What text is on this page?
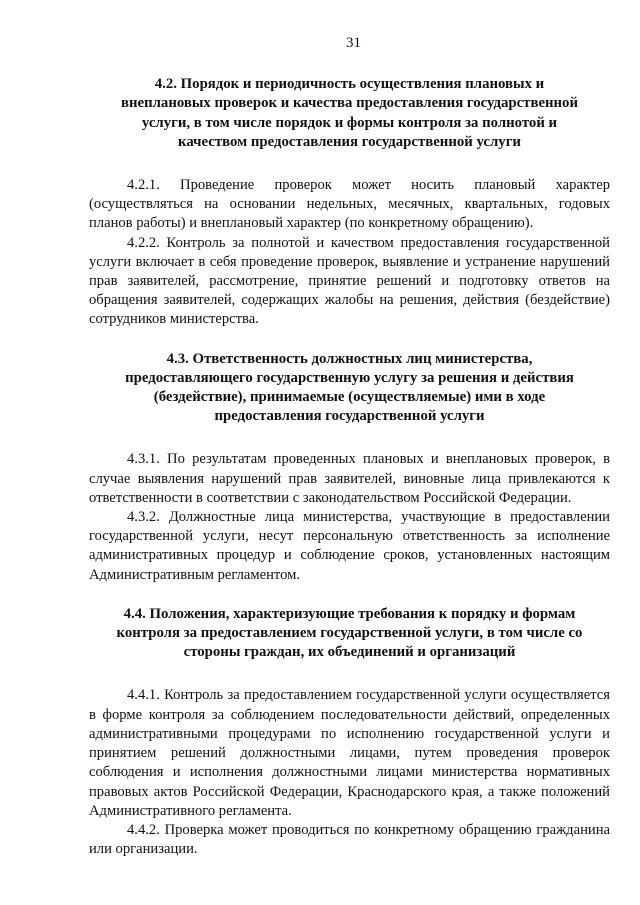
31
4.2. Порядок и периодичность осуществления плановых и внеплановых проверок и качества предоставления государственной услуги, в том числе порядок и формы контроля за полнотой и качеством предоставления государственной услуги

4.2.1. Проведение проверок может носить плановый характер (осуществляться на основании недельных, месячных, квартальных, годовых планов работы) и внеплановый характер (по конкретному обращению).

4.2.2. Контроль за полнотой и качеством предоставления государственной услуги включает в себя проведение проверок, выявление и устранение нарушений прав заявителей, рассмотрение, принятие решений и подготовку ответов на обращения заявителей, содержащих жалобы на решения, действия (бездействие) сотрудников министерства.

4.3. Ответственность должностных лиц министерства, предоставляющего государственную услугу за решения и действия (бездействие), принимаемые (осуществляемые) ими в ходе предоставления государственной услуги

4.3.1. По результатам проведенных плановых и внеплановых проверок, в случае выявления нарушений прав заявителей, виновные лица привлекаются к ответственности в соответствии с законодательством Российской Федерации.

4.3.2. Должностные лица министерства, участвующие в предоставлении государственной услуги, несут персональную ответственность за исполнение административных процедур и соблюдение сроков, установленных настоящим Административным регламентом.

4.4. Положения, характеризующие требования к порядку и формам контроля за предоставлением государственной услуги, в том числе со стороны граждан, их объединений и организаций

4.4.1. Контроль за предоставлением государственной услуги осуществляется в форме контроля за соблюдением последовательности действий, определенных административными процедурами по исполнению государственной услуги и принятием решений должностными лицами, путем проведения проверок соблюдения и исполнения должностными лицами министерства нормативных правовых актов Российской Федерации, Краснодарского края, а также положений Административного регламента.

4.4.2. Проверка может проводиться по конкретному обращению гражданина или организации.
